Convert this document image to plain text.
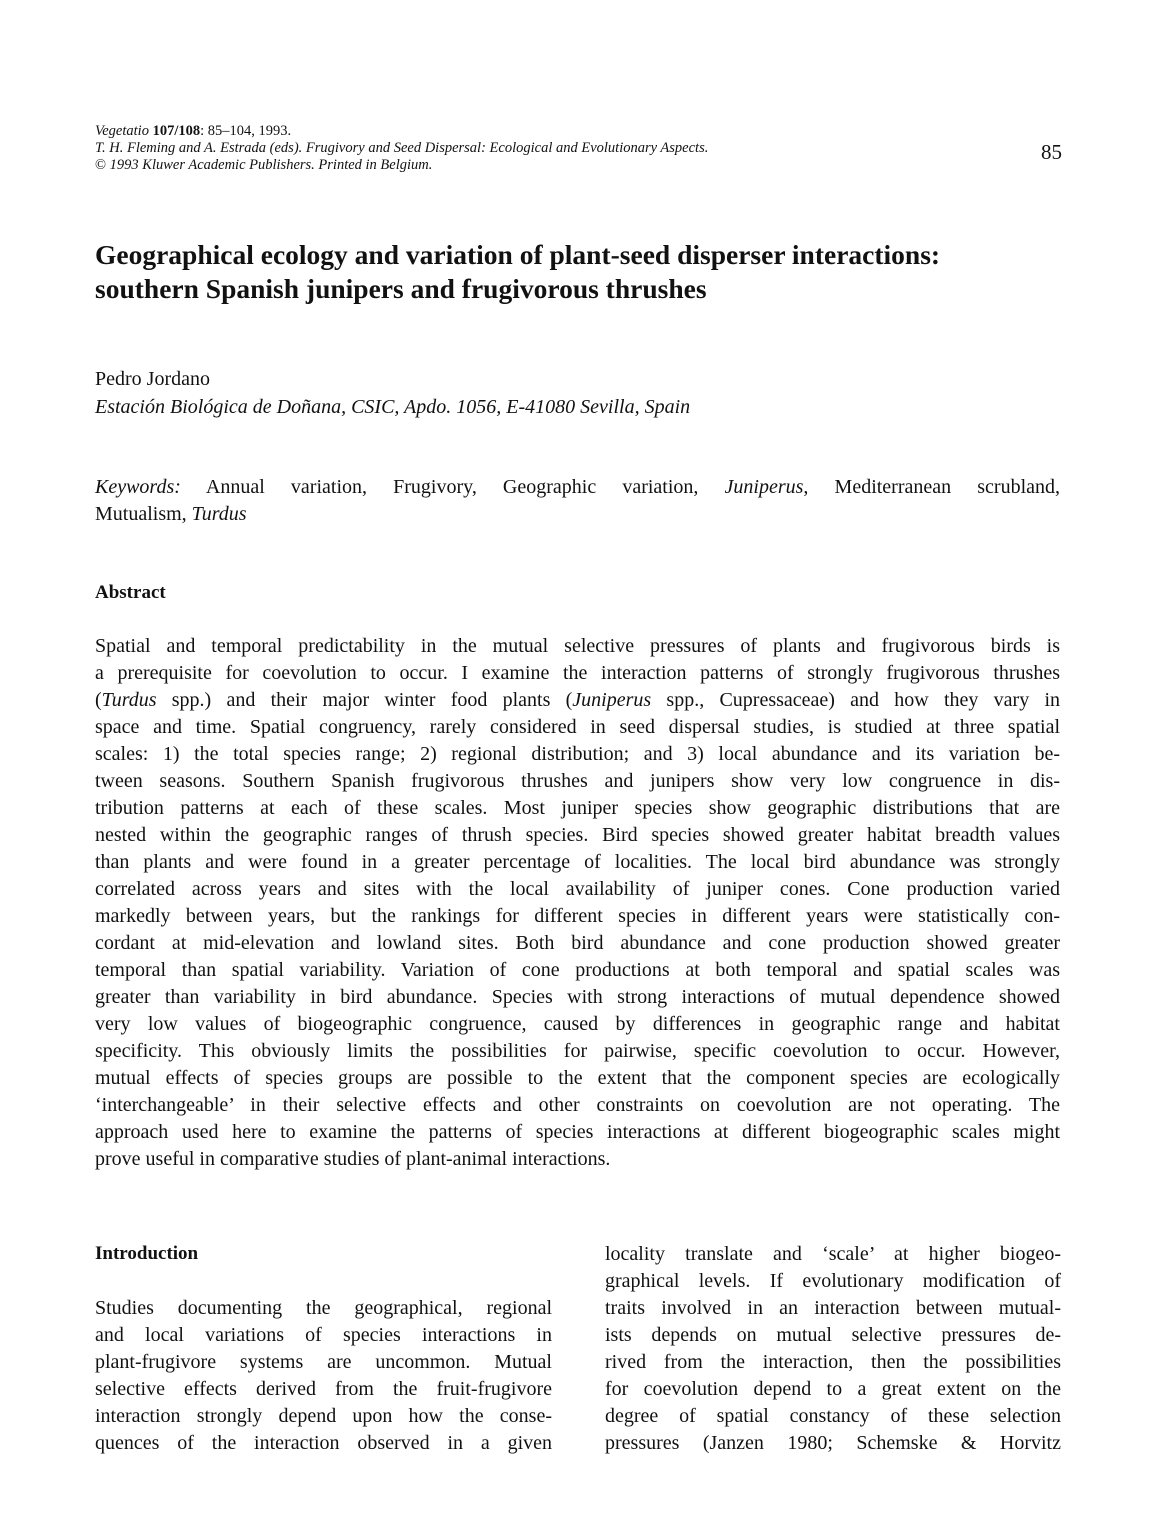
Vegetatio 107/108: 85–104, 1993.
T. H. Fleming and A. Estrada (eds). Frugivory and Seed Dispersal: Ecological and Evolutionary Aspects.
© 1993 Kluwer Academic Publishers. Printed in Belgium.
85
Geographical ecology and variation of plant-seed disperser interactions:
southern Spanish junipers and frugivorous thrushes
Pedro Jordano
Estación Biológica de Doñana, CSIC, Apdo. 1056, E-41080 Sevilla, Spain
Keywords: Annual variation, Frugivory, Geographic variation, Juniperus, Mediterranean scrubland,
Mutualism, Turdus
Abstract
Spatial and temporal predictability in the mutual selective pressures of plants and frugivorous birds is
a prerequisite for coevolution to occur. I examine the interaction patterns of strongly frugivorous thrushes
(Turdus spp.) and their major winter food plants (Juniperus spp., Cupressaceae) and how they vary in
space and time. Spatial congruency, rarely considered in seed dispersal studies, is studied at three spatial
scales: 1) the total species range; 2) regional distribution; and 3) local abundance and its variation be-
tween seasons. Southern Spanish frugivorous thrushes and junipers show very low congruence in dis-
tribution patterns at each of these scales. Most juniper species show geographic distributions that are
nested within the geographic ranges of thrush species. Bird species showed greater habitat breadth values
than plants and were found in a greater percentage of localities. The local bird abundance was strongly
correlated across years and sites with the local availability of juniper cones. Cone production varied
markedly between years, but the rankings for different species in different years were statistically con-
cordant at mid-elevation and lowland sites. Both bird abundance and cone production showed greater
temporal than spatial variability. Variation of cone productions at both temporal and spatial scales was
greater than variability in bird abundance. Species with strong interactions of mutual dependence showed
very low values of biogeographic congruence, caused by differences in geographic range and habitat
specificity. This obviously limits the possibilities for pairwise, specific coevolution to occur. However,
mutual effects of species groups are possible to the extent that the component species are ecologically
‘interchangeable’ in their selective effects and other constraints on coevolution are not operating. The
approach used here to examine the patterns of species interactions at different biogeographic scales might
prove useful in comparative studies of plant-animal interactions.
Introduction
Studies documenting the geographical, regional
and local variations of species interactions in
plant-frugivore systems are uncommon. Mutual
selective effects derived from the fruit-frugivore
interaction strongly depend upon how the conse-
quences of the interaction observed in a given
locality translate and ‘scale’ at higher biogeo-
graphical levels. If evolutionary modification of
traits involved in an interaction between mutual-
ists depends on mutual selective pressures de-
rived from the interaction, then the possibilities
for coevolution depend to a great extent on the
degree of spatial constancy of these selection
pressures (Janzen 1980; Schemske & Horvitz
